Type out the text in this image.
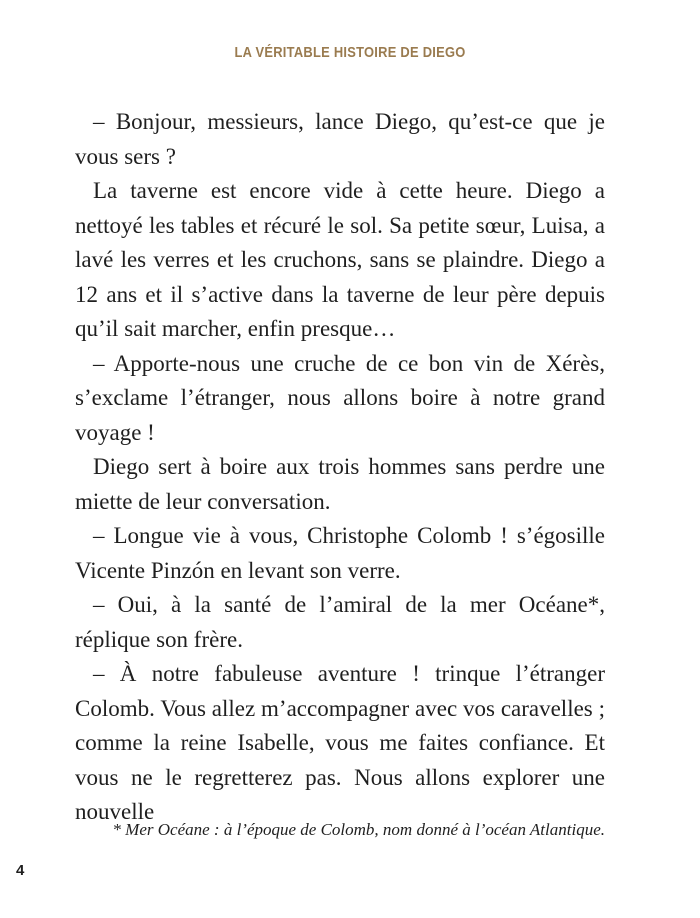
LA VÉRITABLE HISTOIRE DE DIEGO

– Bonjour, messieurs, lance Diego, qu’est-ce que je vous sers ?

La taverne est encore vide à cette heure. Diego a nettoyé les tables et récuré le sol. Sa petite sœur, Luisa, a lavé les verres et les cruchons, sans se plaindre. Diego a 12 ans et il s’active dans la taverne de leur père depuis qu’il sait marcher, enfin presque…

– Apporte-nous une cruche de ce bon vin de Xérès, s’exclame l’étranger, nous allons boire à notre grand voyage !

Diego sert à boire aux trois hommes sans perdre une miette de leur conversation.

– Longue vie à vous, Christophe Colomb ! s’égosille Vicente Pinzón en levant son verre.

– Oui, à la santé de l’amiral de la mer Océane*, réplique son frère.

– À notre fabuleuse aventure ! trinque l’étranger Colomb. Vous allez m’accompagner avec vos caravelles ; comme la reine Isabelle, vous me faites confiance. Et vous ne le regretterez pas. Nous allons explorer une nouvelle

* Mer Océane : à l’époque de Colomb, nom donné à l’océan Atlantique.
4
